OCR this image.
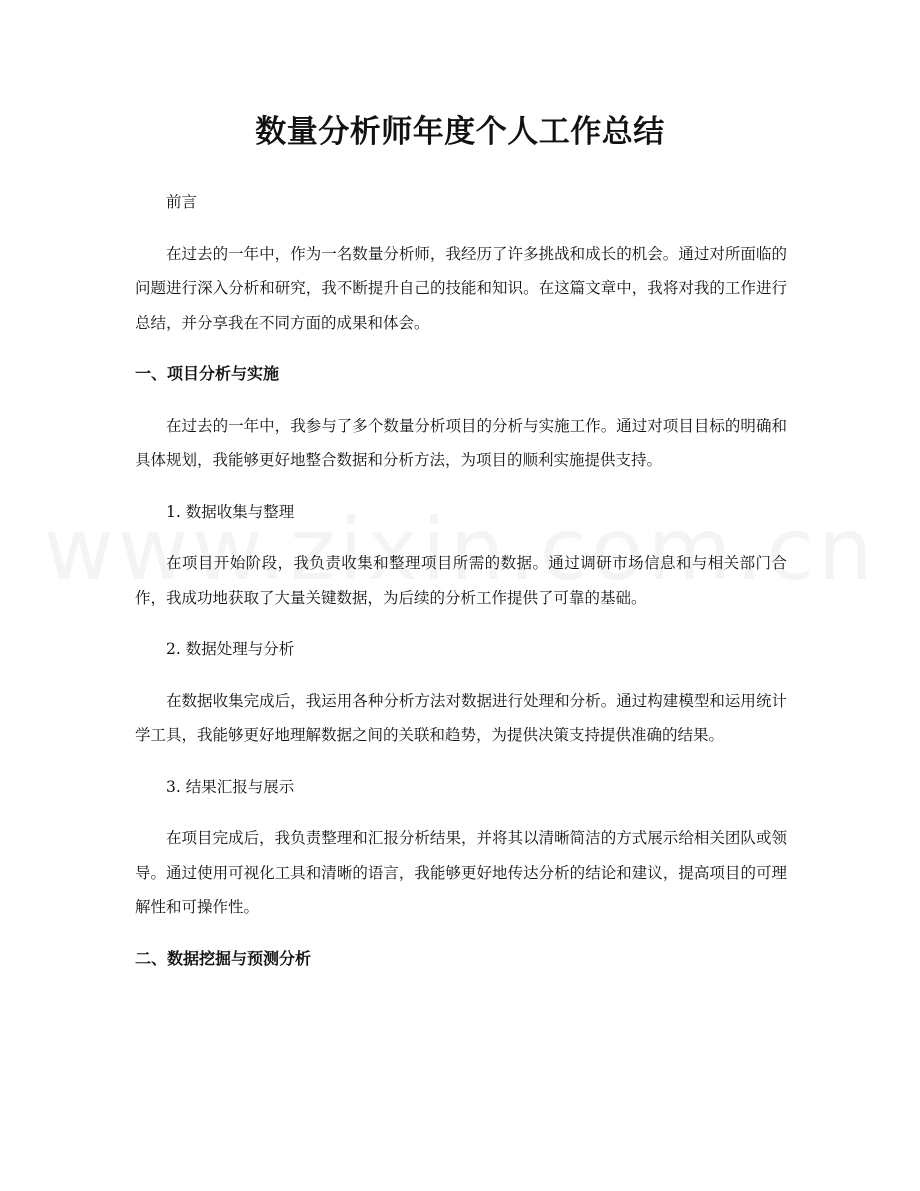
数量分析师年度个人工作总结

前言

在过去的一年中，作为一名数量分析师，我经历了许多挑战和成长的机会。通过对所面临的问题进行深入分析和研究，我不断提升自己的技能和知识。在这篇文章中，我将对我的工作进行总结，并分享我在不同方面的成果和体会。

一、项目分析与实施

在过去的一年中，我参与了多个数量分析项目的分析与实施工作。通过对项目目标的明确和具体规划，我能够更好地整合数据和分析方法，为项目的顺利实施提供支持。

1. 数据收集与整理

在项目开始阶段，我负责收集和整理项目所需的数据。通过调研市场信息和与相关部门合作，我成功地获取了大量关键数据，为后续的分析工作提供了可靠的基础。

2. 数据处理与分析

在数据收集完成后，我运用各种分析方法对数据进行处理和分析。通过构建模型和运用统计学工具，我能够更好地理解数据之间的关联和趋势，为提供决策支持提供准确的结果。

3. 结果汇报与展示

在项目完成后，我负责整理和汇报分析结果，并将其以清晰简洁的方式展示给相关团队或领导。通过使用可视化工具和清晰的语言，我能够更好地传达分析的结论和建议，提高项目的可理解性和可操作性。

二、数据挖掘与预测分析
